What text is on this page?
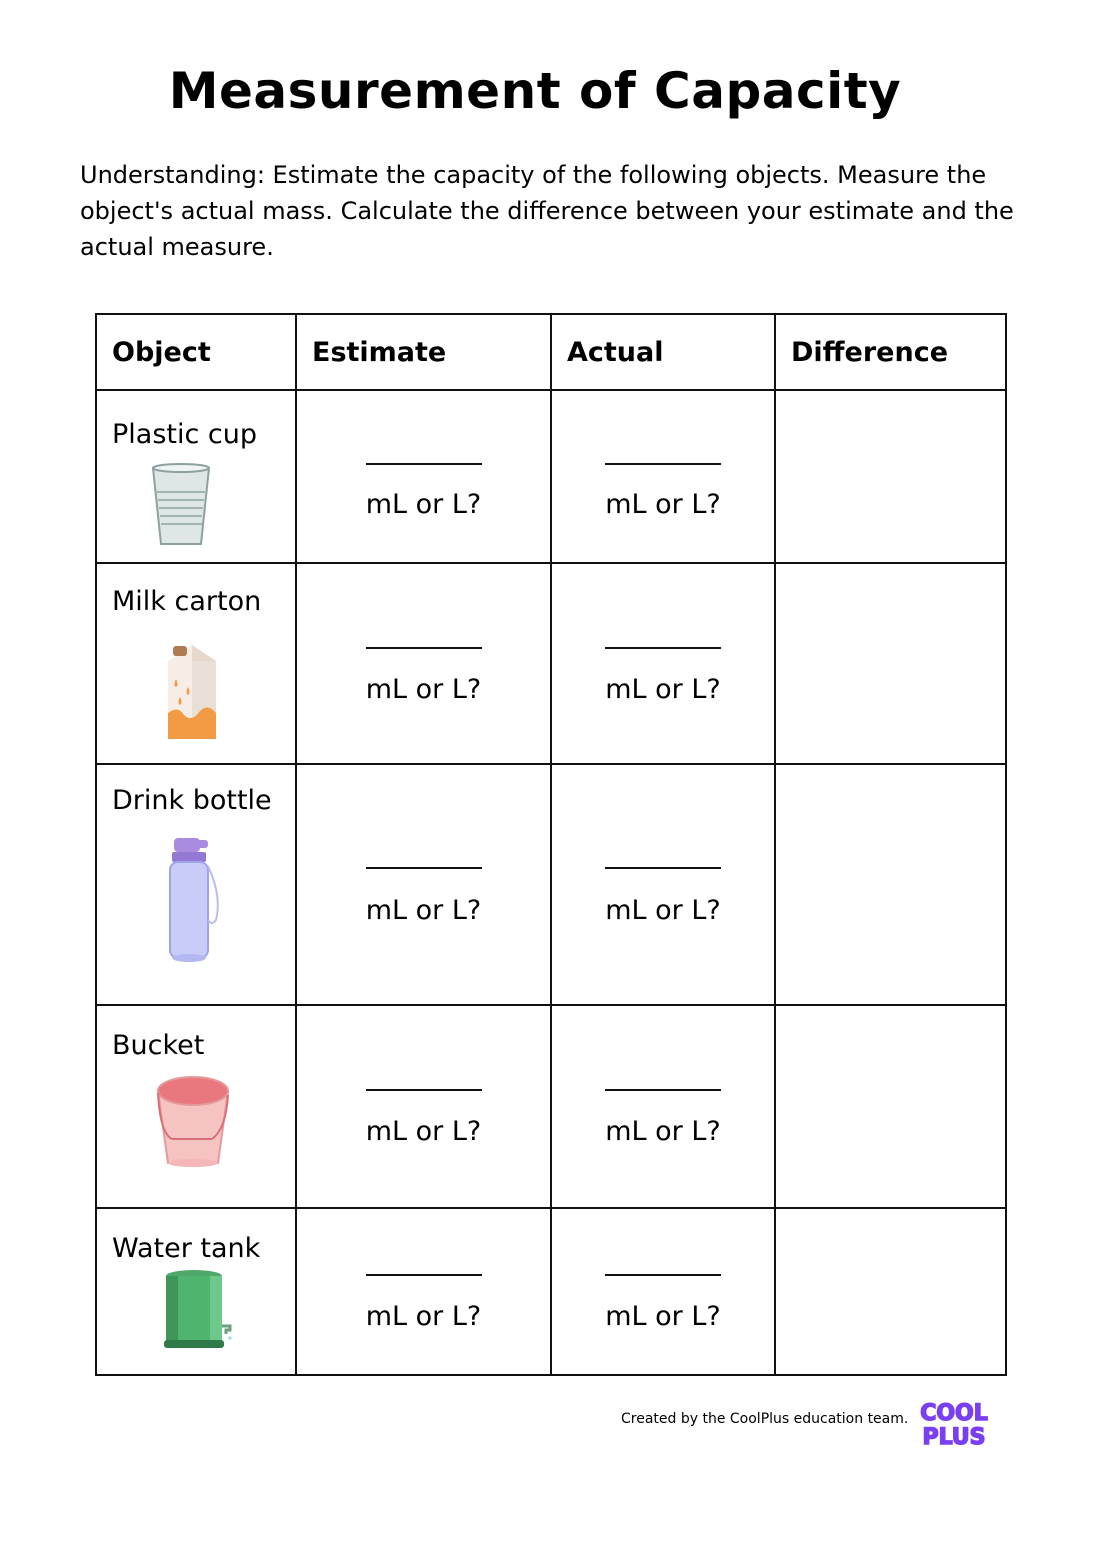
Measurement of Capacity

Understanding: Estimate the capacity of the following objects. Measure the object's actual mass. Calculate the difference between your estimate and the actual measure.

Object	Estimate	Actual	Difference

Plastic cup	mL or L?	mL or L?	

Milk carton	mL or L?	mL or L?	

Drink bottle	mL or L?	mL or L?	

Bucket	mL or L?	mL or L?	

Water tank	mL or L?	mL or L?	

Created by the CoolPlus education team. COOL
PLUS
